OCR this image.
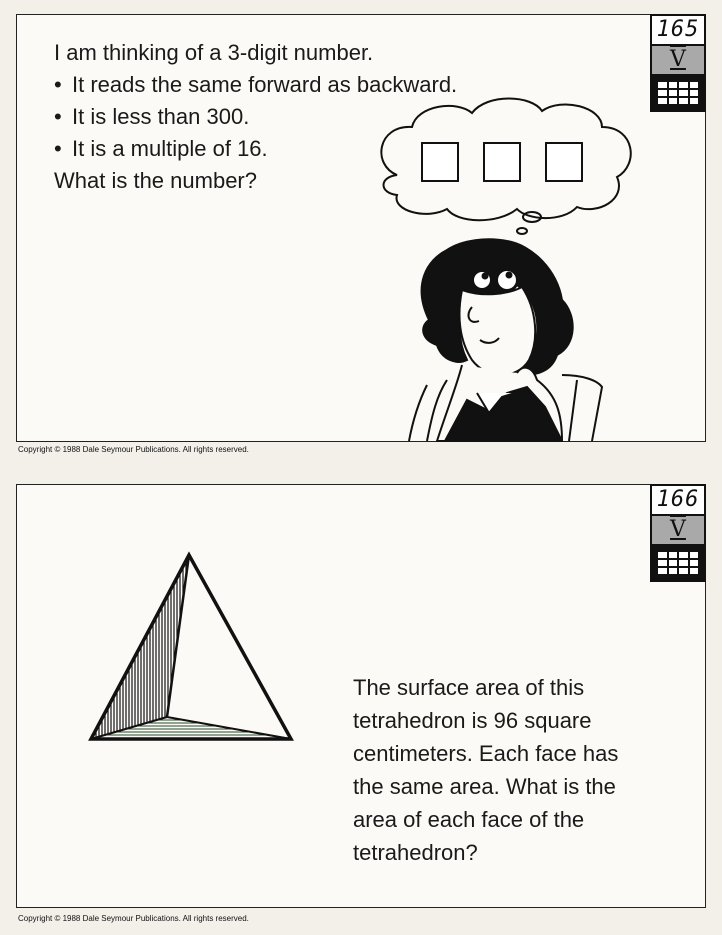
165
V
I am thinking of a 3-digit number.
• It reads the same forward as backward.
• It is less than 300.
• It is a multiple of 16.
What is the number?
Copyright © 1988 Dale Seymour Publications. All rights reserved.
166
V
The surface area of this tetrahedron is 96 square centimeters. Each face has the same area. What is the area of each face of the tetrahedron?
Copyright © 1988 Dale Seymour Publications. All rights reserved.
